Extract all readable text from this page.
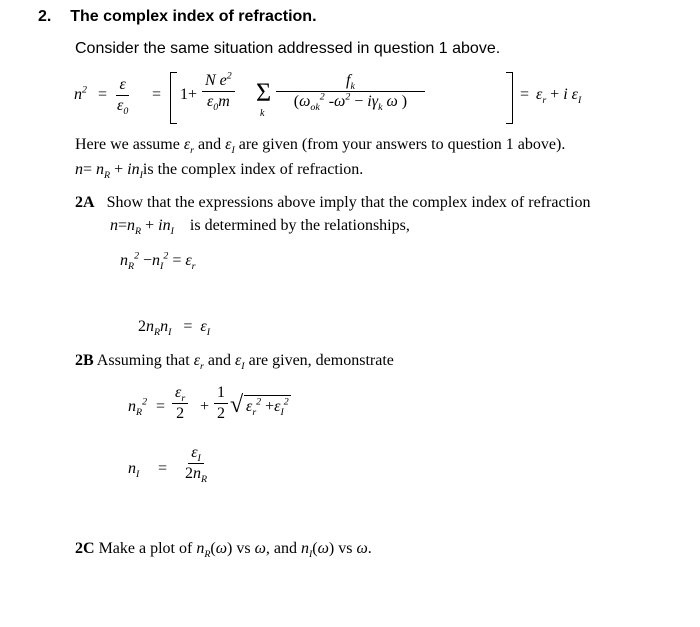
2. The complex index of refraction.
Consider the same situation addressed in question 1 above.
$n^2 = \frac{\varepsilon}{\varepsilon_0} = 1+ \frac{N e^2}{\varepsilon_0m}$ Σ
k
$\frac{f_k}{(\omega_{ok}^2 -\omega^2 - i\gamma_k \omega )}$	= $\varepsilon_r + i$ $\varepsilon_I$
Here we assume $\varepsilon_r$ and $\varepsilon_I$ are given (from your answers to question 1 above).
$n= n_R + in_Iis$ the complex index of refraction.
2A Show that the expressions above imply that the complex index of refraction
$n=n_R + in_I$ is determined by the relationships,
$n_R^2 -n_I^2 = \varepsilon_r$
$2n_Rn_I = \varepsilon_I$
2B Assuming that $\varepsilon_r$ and $\varepsilon_I$ are given, demonstrate
$n_R^2 = \frac{\varepsilon_r}{2} + \frac{1}{2}$ √ $\varepsilon_r^2 +\varepsilon_I^2$
$n_I = \frac{\varepsilon_I}{2n_R}$
2C Make a plot of $n_R(\omega)$ vs ω, and $n_I(\omega)$ vs ω.
